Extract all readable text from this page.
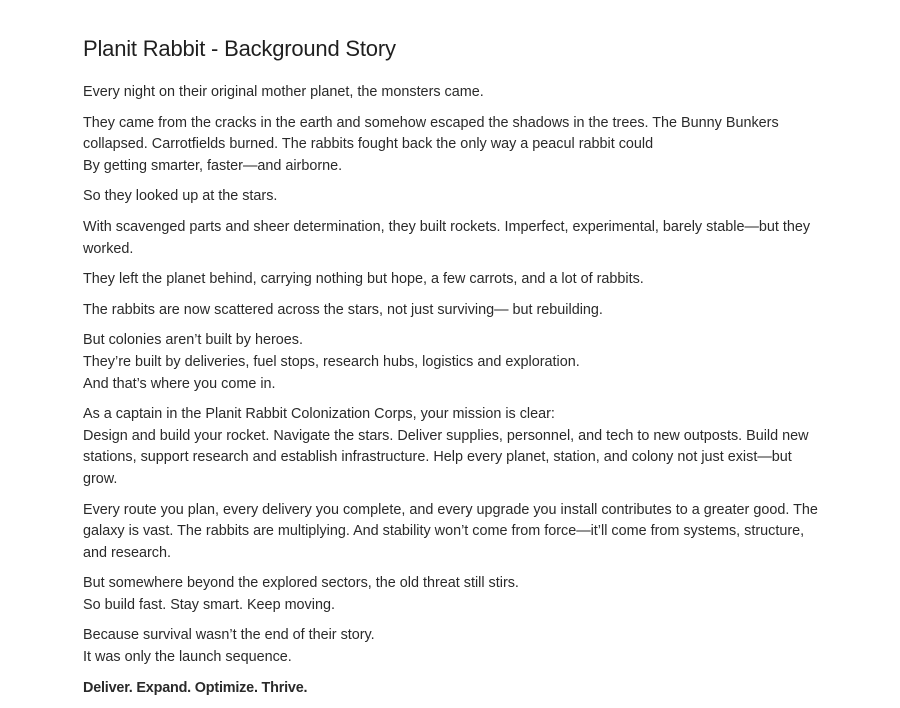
Planit Rabbit - Background Story

Every night on their original mother planet, the monsters came.

They came from the cracks in the earth and somehow escaped the shadows in the trees. The Bunny Bunkers collapsed. Carrotfields burned. The rabbits fought back the only way a peacul rabbit could
By getting smarter, faster—and airborne.

So they looked up at the stars.

With scavenged parts and sheer determination, they built rockets. Imperfect, experimental, barely stable—but they worked.

They left the planet behind, carrying nothing but hope, a few carrots, and a lot of rabbits.

The rabbits are now scattered across the stars, not just surviving— but rebuilding.

But colonies aren’t built by heroes.
They’re built by deliveries, fuel stops, research hubs, logistics and exploration.
And that’s where you come in.

As a captain in the Planit Rabbit Colonization Corps, your mission is clear:
Design and build your rocket. Navigate the stars. Deliver supplies, personnel, and tech to new outposts. Build new stations, support research and establish infrastructure. Help every planet, station, and colony not just exist—but grow.

Every route you plan, every delivery you complete, and every upgrade you install contributes to a greater good. The galaxy is vast. The rabbits are multiplying. And stability won’t come from force—it’ll come from systems, structure, and research.

But somewhere beyond the explored sectors, the old threat still stirs.
So build fast. Stay smart. Keep moving.

Because survival wasn’t the end of their story.
It was only the launch sequence.

Deliver. Expand. Optimize. Thrive.
